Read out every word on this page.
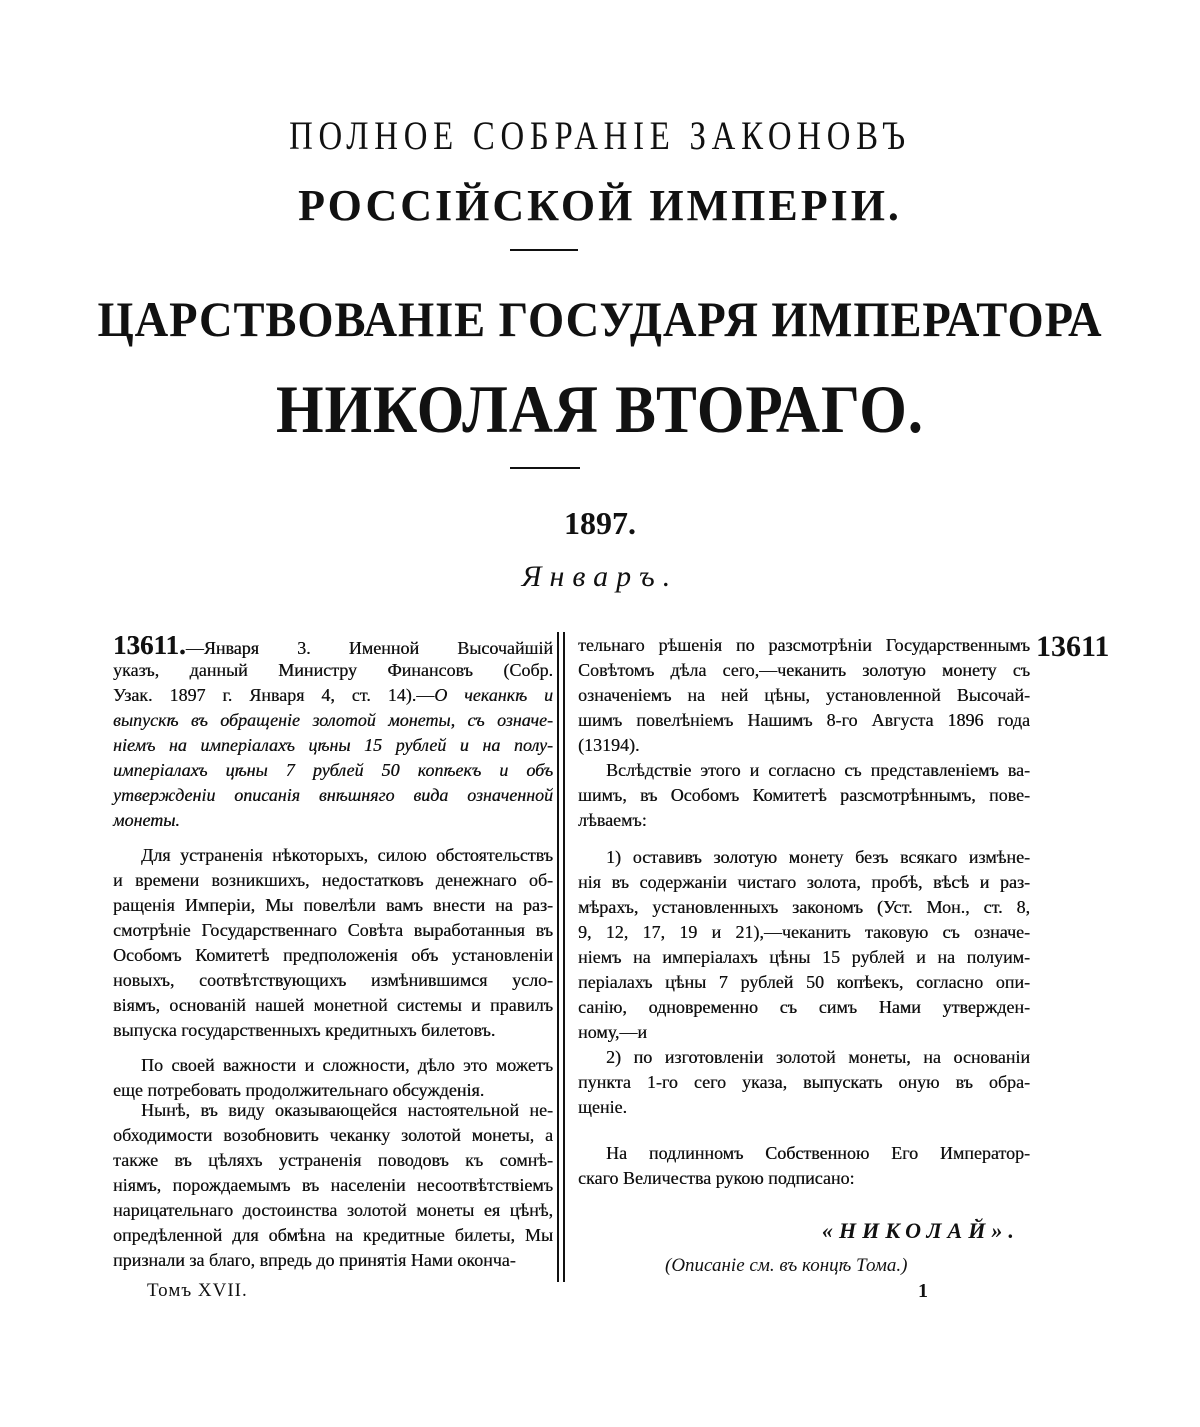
ПОЛНОЕ СОБРАНІЕ ЗАКОНОВЪ
РОССІЙСКОЙ ИМПЕРІИ.
ЦАРСТВОВАНІЕ ГОСУДАРЯ ИМПЕРАТОРА
НИКОЛАЯ ВТОРАГО.
1897.
Январъ.
13611.—Января 3. Именной Высочайшій
указъ, данный Министру Финансовъ (Собр.
Узак. 1897 г. Января 4, ст. 14).—О чеканкѣ и
выпускѣ въ обращеніе золотой монеты, съ означе-
ніемъ на имперіалахъ цѣны 15 рублей и на полу-
имперіалахъ цѣны 7 рублей 50 копѣекъ и объ
утвержденіи описанія внѣшняго вида означенной
монеты.
Для устраненія нѣкоторыхъ, силою обстоятельствъ
и времени возникшихъ, недостатковъ денежнаго об-
ращенія Имперіи, Мы повелѣли вамъ внести на раз-
смотрѣніе Государственнаго Совѣта выработанныя въ
Особомъ Комитетѣ предположенія объ установленіи
новыхъ, соотвѣтствующихъ измѣнившимся усло-
віямъ, основаній нашей монетной системы и правилъ
выпуска государственныхъ кредитныхъ билетовъ.
По своей важности и сложности, дѣло это можетъ
еще потребовать продолжительнаго обсужденія.
Нынѣ, въ виду оказывающейся настоятельной не-
обходимости возобновить чеканку золотой монеты, а
также въ цѣляхъ устраненія поводовъ къ сомнѣ-
ніямъ, порождаемымъ въ населеніи несоотвѣтствіемъ
нарицательнаго достоинства золотой монеты ея цѣнѣ,
опредѣленной для обмѣна на кредитные билеты, Мы
признали за благо, впредь до принятія Нами оконча-
тельнаго рѣшенія по разсмотрѣніи Государственнымъ
Совѣтомъ дѣла сего,—чеканить золотую монету съ
означеніемъ на ней цѣны, установленной Высочай-
шимъ повелѣніемъ Нашимъ 8-го Августа 1896 года
(13194).
Вслѣдствіе этого и согласно съ представленіемъ ва-
шимъ, въ Особомъ Комитетѣ разсмотрѣннымъ, пове-
лѣваемъ:
1) оставивъ золотую монету безъ всякаго измѣне-
нія въ содержаніи чистаго золота, пробѣ, вѣсѣ и раз-
мѣрахъ, установленныхъ закономъ (Уст. Мон., ст. 8,
9, 12, 17, 19 и 21),—чеканить таковую съ означе-
ніемъ на имперіалахъ цѣны 15 рублей и на полуим-
періалахъ цѣны 7 рублей 50 копѣекъ, согласно опи-
санію, одновременно съ симъ Нами утвержден-
ному,—и
2) по изготовленіи золотой монеты, на основаніи
пункта 1-го сего указа, выпускать оную въ обра-
щеніе.
На подлинномъ Собственною Его Император-
скаго Величества рукою подписано:
13611
«НИКОЛАЙ».
(Описаніе см. въ концѣ Тома.)
Томъ XVII.	1
